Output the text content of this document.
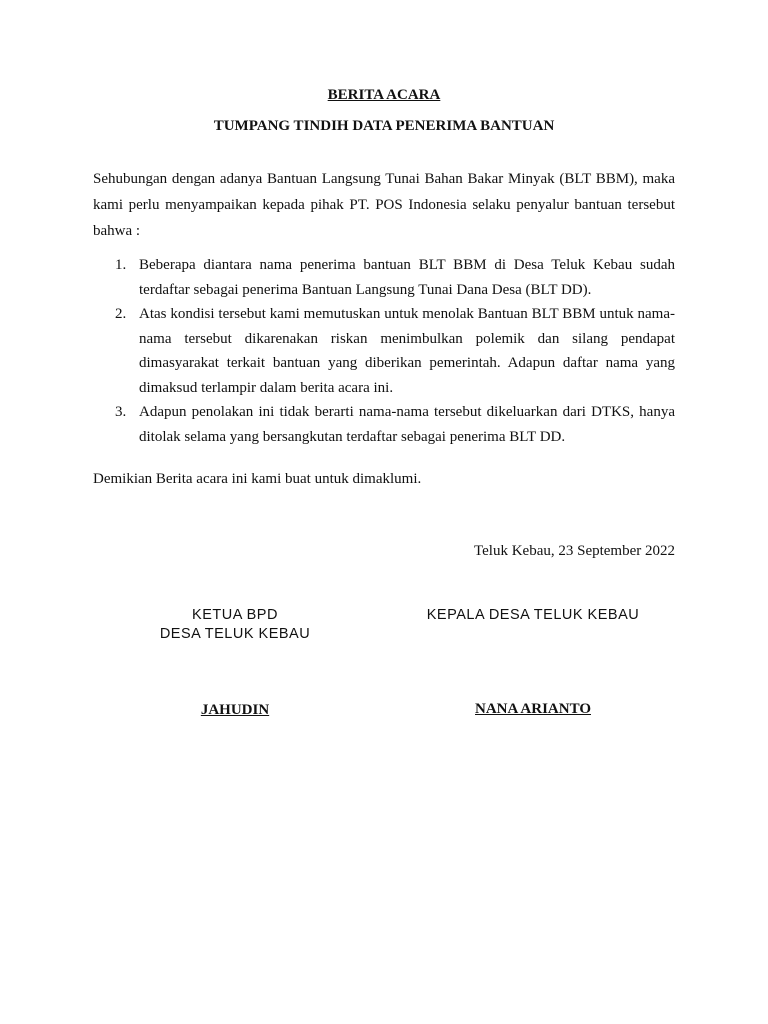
BERITA ACARA
TUMPANG TINDIH DATA PENERIMA BANTUAN
Sehubungan dengan adanya Bantuan Langsung Tunai Bahan Bakar Minyak (BLT BBM), maka kami perlu menyampaikan kepada pihak PT. POS Indonesia selaku penyalur bantuan tersebut bahwa :
1. Beberapa diantara nama penerima bantuan BLT BBM di Desa Teluk Kebau sudah terdaftar sebagai penerima Bantuan Langsung Tunai Dana Desa (BLT DD).
2. Atas kondisi tersebut kami memutuskan untuk menolak Bantuan BLT BBM untuk nama-nama tersebut dikarenakan riskan menimbulkan polemik dan silang pendapat dimasyarakat terkait bantuan yang diberikan pemerintah. Adapun daftar nama yang dimaksud terlampir dalam berita acara ini.
3. Adapun penolakan ini tidak berarti nama-nama tersebut dikeluarkan dari DTKS, hanya ditolak selama yang bersangkutan terdaftar sebagai penerima BLT DD.
Demikian Berita acara ini kami buat untuk dimaklumi.
Teluk Kebau, 23 September 2022
KETUA BPD
DESA TELUK KEBAU
KEPALA DESA TELUK KEBAU
JAHUDIN	NANA ARIANTO
